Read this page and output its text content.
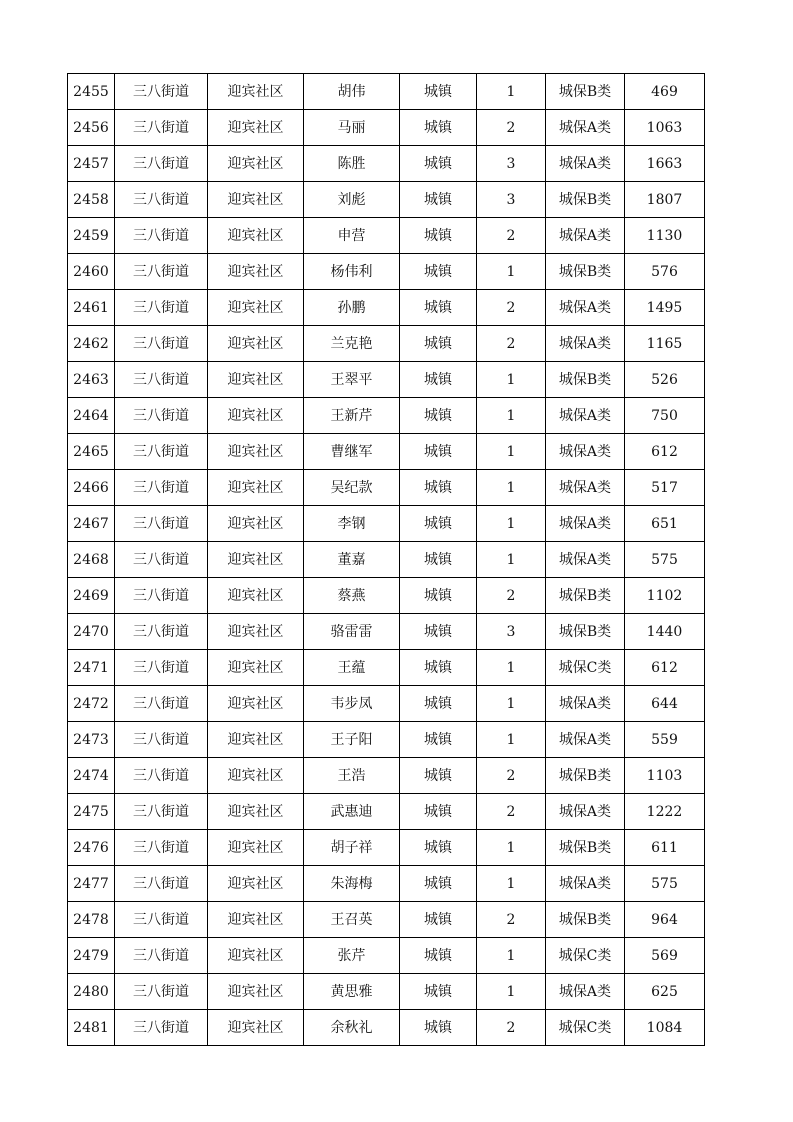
2455	三八街道	迎宾社区	胡伟	城镇	1	城保B类	469
2456	三八街道	迎宾社区	马丽	城镇	2	城保A类	1063
2457	三八街道	迎宾社区	陈胜	城镇	3	城保A类	1663
2458	三八街道	迎宾社区	刘彪	城镇	3	城保B类	1807
2459	三八街道	迎宾社区	申营	城镇	2	城保A类	1130
2460	三八街道	迎宾社区	杨伟利	城镇	1	城保B类	576
2461	三八街道	迎宾社区	孙鹏	城镇	2	城保A类	1495
2462	三八街道	迎宾社区	兰克艳	城镇	2	城保A类	1165
2463	三八街道	迎宾社区	王翠平	城镇	1	城保B类	526
2464	三八街道	迎宾社区	王新芹	城镇	1	城保A类	750
2465	三八街道	迎宾社区	曹继军	城镇	1	城保A类	612
2466	三八街道	迎宾社区	吴纪款	城镇	1	城保A类	517
2467	三八街道	迎宾社区	李钢	城镇	1	城保A类	651
2468	三八街道	迎宾社区	董嘉	城镇	1	城保A类	575
2469	三八街道	迎宾社区	蔡燕	城镇	2	城保B类	1102
2470	三八街道	迎宾社区	骆雷雷	城镇	3	城保B类	1440
2471	三八街道	迎宾社区	王蕴	城镇	1	城保C类	612
2472	三八街道	迎宾社区	韦步凤	城镇	1	城保A类	644
2473	三八街道	迎宾社区	王子阳	城镇	1	城保A类	559
2474	三八街道	迎宾社区	王浩	城镇	2	城保B类	1103
2475	三八街道	迎宾社区	武惠迪	城镇	2	城保A类	1222
2476	三八街道	迎宾社区	胡子祥	城镇	1	城保B类	611
2477	三八街道	迎宾社区	朱海梅	城镇	1	城保A类	575
2478	三八街道	迎宾社区	王召英	城镇	2	城保B类	964
2479	三八街道	迎宾社区	张芹	城镇	1	城保C类	569
2480	三八街道	迎宾社区	黄思雅	城镇	1	城保A类	625
2481	三八街道	迎宾社区	余秋礼	城镇	2	城保C类	1084
